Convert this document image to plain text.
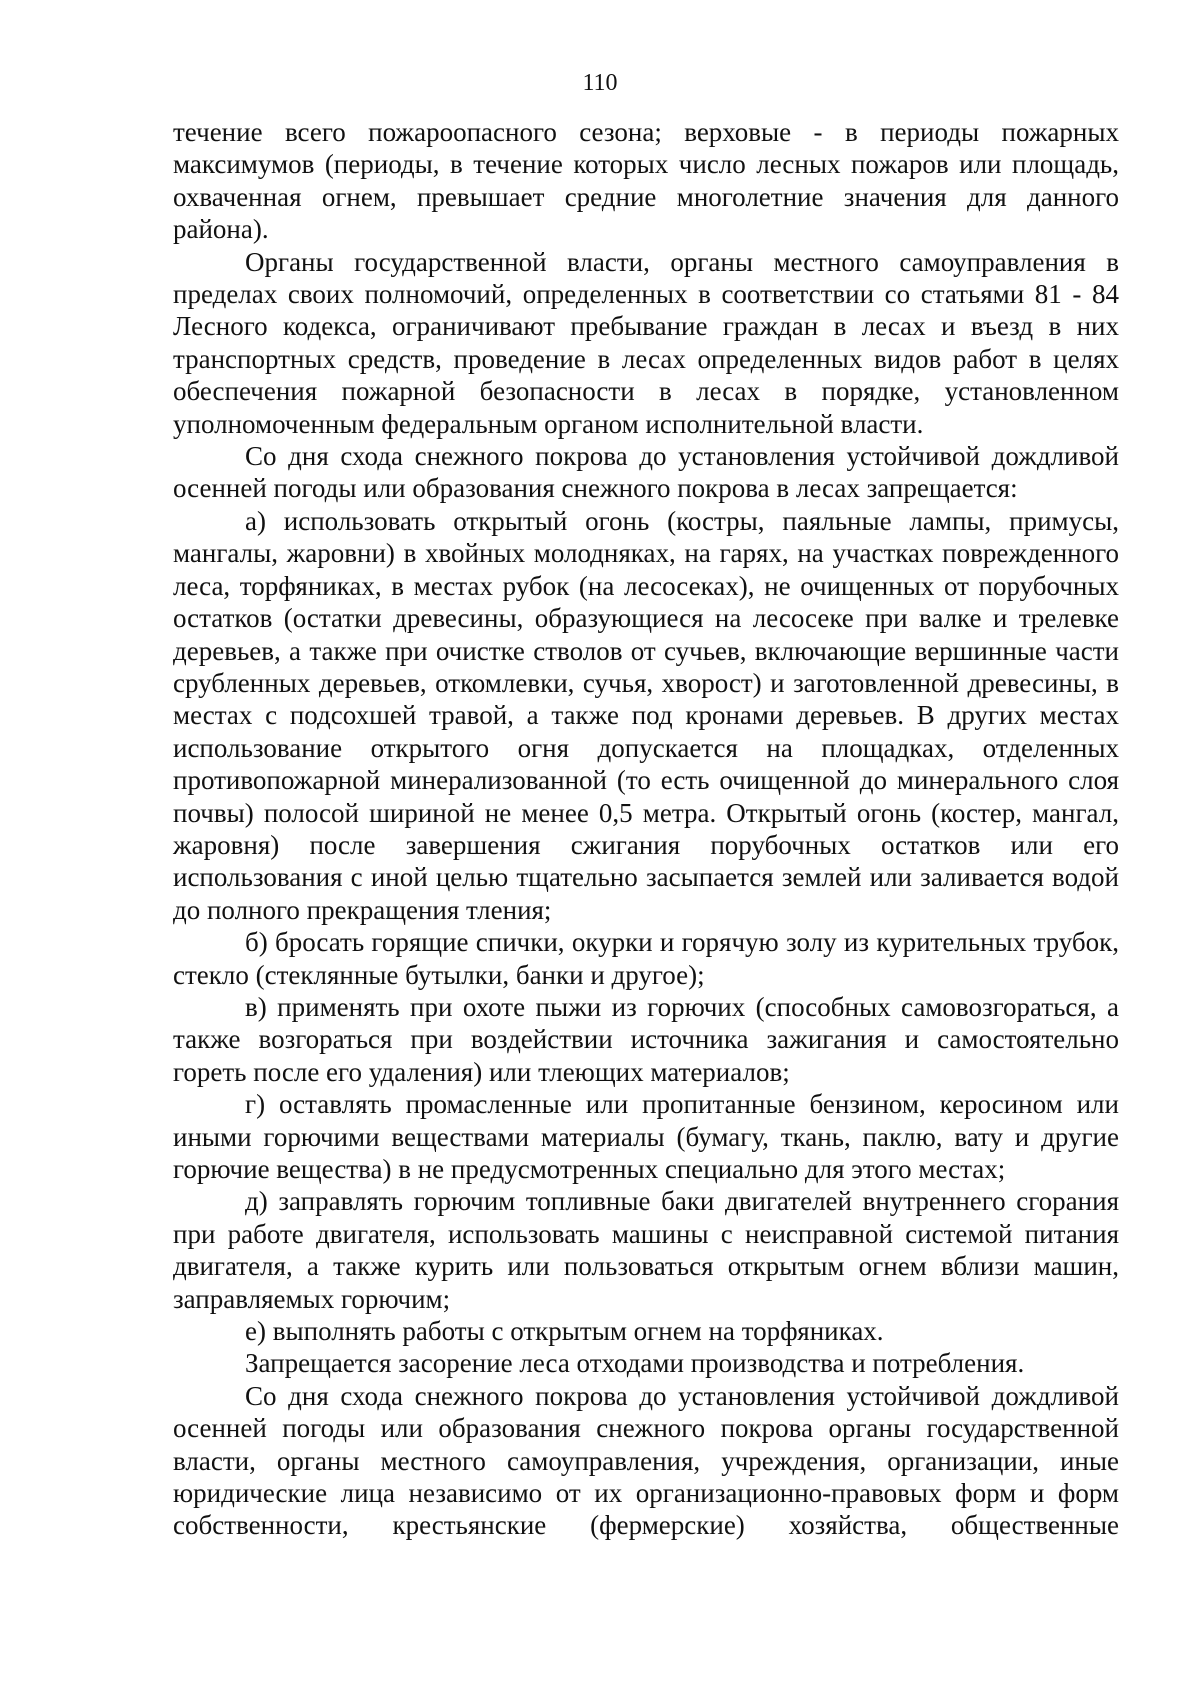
110

течение всего пожароопасного сезона; верховые - в периоды пожарных максимумов (периоды, в течение которых число лесных пожаров или площадь, охваченная огнем, превышает средние многолетние значения для данного района).

Органы государственной власти, органы местного самоуправления в пределах своих полномочий, определенных в соответствии со статьями 81 - 84 Лесного кодекса, ограничивают пребывание граждан в лесах и въезд в них транспортных средств, проведение в лесах определенных видов работ в целях обеспечения пожарной безопасности в лесах в порядке, установленном уполномоченным федеральным органом исполнительной власти.

Со дня схода снежного покрова до установления устойчивой дождливой осенней погоды или образования снежного покрова в лесах запрещается:

а) использовать открытый огонь (костры, паяльные лампы, примусы, мангалы, жаровни) в хвойных молодняках, на гарях, на участках поврежденного леса, торфяниках, в местах рубок (на лесосеках), не очищенных от порубочных остатков (остатки древесины, образующиеся на лесосеке при валке и трелевке деревьев, а также при очистке стволов от сучьев, включающие вершинные части срубленных деревьев, откомлевки, сучья, хворост) и заготовленной древесины, в местах с подсохшей травой, а также под кронами деревьев. В других местах использование открытого огня допускается на площадках, отделенных противопожарной минерализованной (то есть очищенной до минерального слоя почвы) полосой шириной не менее 0,5 метра. Открытый огонь (костер, мангал, жаровня) после завершения сжигания порубочных остатков или его использования с иной целью тщательно засыпается землей или заливается водой до полного прекращения тления;

б) бросать горящие спички, окурки и горячую золу из курительных трубок, стекло (стеклянные бутылки, банки и другое);

в) применять при охоте пыжи из горючих (способных самовозгораться, а также возгораться при воздействии источника зажигания и самостоятельно гореть после его удаления) или тлеющих материалов;

г) оставлять промасленные или пропитанные бензином, керосином или иными горючими веществами материалы (бумагу, ткань, паклю, вату и другие горючие вещества) в не предусмотренных специально для этого местах;

д) заправлять горючим топливные баки двигателей внутреннего сгорания при работе двигателя, использовать машины с неисправной системой питания двигателя, а также курить или пользоваться открытым огнем вблизи машин, заправляемых горючим;

е) выполнять работы с открытым огнем на торфяниках.

Запрещается засорение леса отходами производства и потребления.

Со дня схода снежного покрова до установления устойчивой дождливой осенней погоды или образования снежного покрова органы государственной власти, органы местного самоуправления, учреждения, организации, иные юридические лица независимо от их организационно-правовых форм и форм собственности, крестьянские (фермерские) хозяйства, общественные
